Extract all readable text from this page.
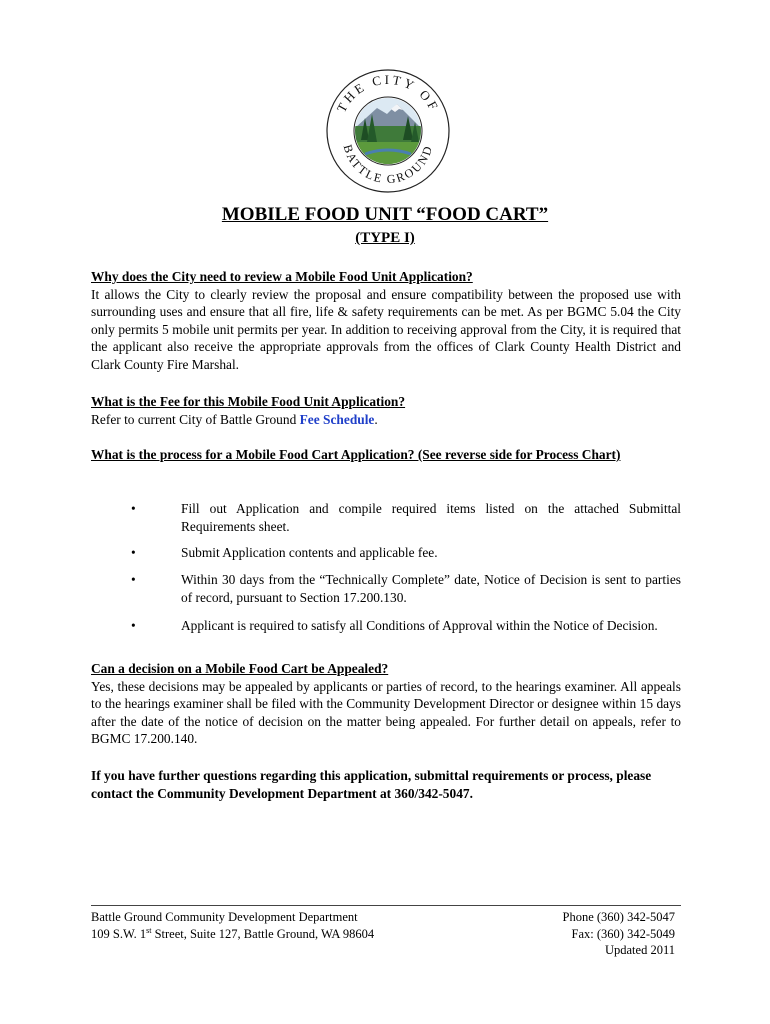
THE CITY OF
BATTLE GROUND
MOBILE FOOD UNIT “FOOD CART”
(TYPE I)
Why does the City need to review a Mobile Food Unit Application?
It allows the City to clearly review the proposal and ensure compatibility between the proposed use with surrounding uses and ensure that all fire, life & safety requirements can be met. As per BGMC 5.04 the City only permits 5 mobile unit permits per year. In addition to receiving approval from the City, it is required that the applicant also receive the appropriate approvals from the offices of Clark County Health District and Clark County Fire Marshal.
What is the Fee for this Mobile Food Unit Application?
Refer to current City of Battle Ground Fee Schedule.
What is the process for a Mobile Food Cart Application? (See reverse side for Process Chart)
•	Fill out Application and compile required items listed on the attached Submittal Requirements sheet.
•	Submit Application contents and applicable fee.
•	Within 30 days from the “Technically Complete” date, Notice of Decision is sent to parties of record, pursuant to Section 17.200.130.
•	Applicant is required to satisfy all Conditions of Approval within the Notice of Decision.
Can a decision on a Mobile Food Cart be Appealed?
Yes, these decisions may be appealed by applicants or parties of record, to the hearings examiner. All appeals to the hearings examiner shall be filed with the Community Development Director or designee within 15 days after the date of the notice of decision on the matter being appealed. For further detail on appeals, refer to BGMC 17.200.140.
If you have further questions regarding this application, submittal requirements or process, please contact the Community Development Department at 360/342-5047.
Battle Ground Community Development Department
109 S.W. 1st Street, Suite 127, Battle Ground, WA 98604
Phone (360) 342-5047
Fax: (360) 342-5049
Updated 2011
